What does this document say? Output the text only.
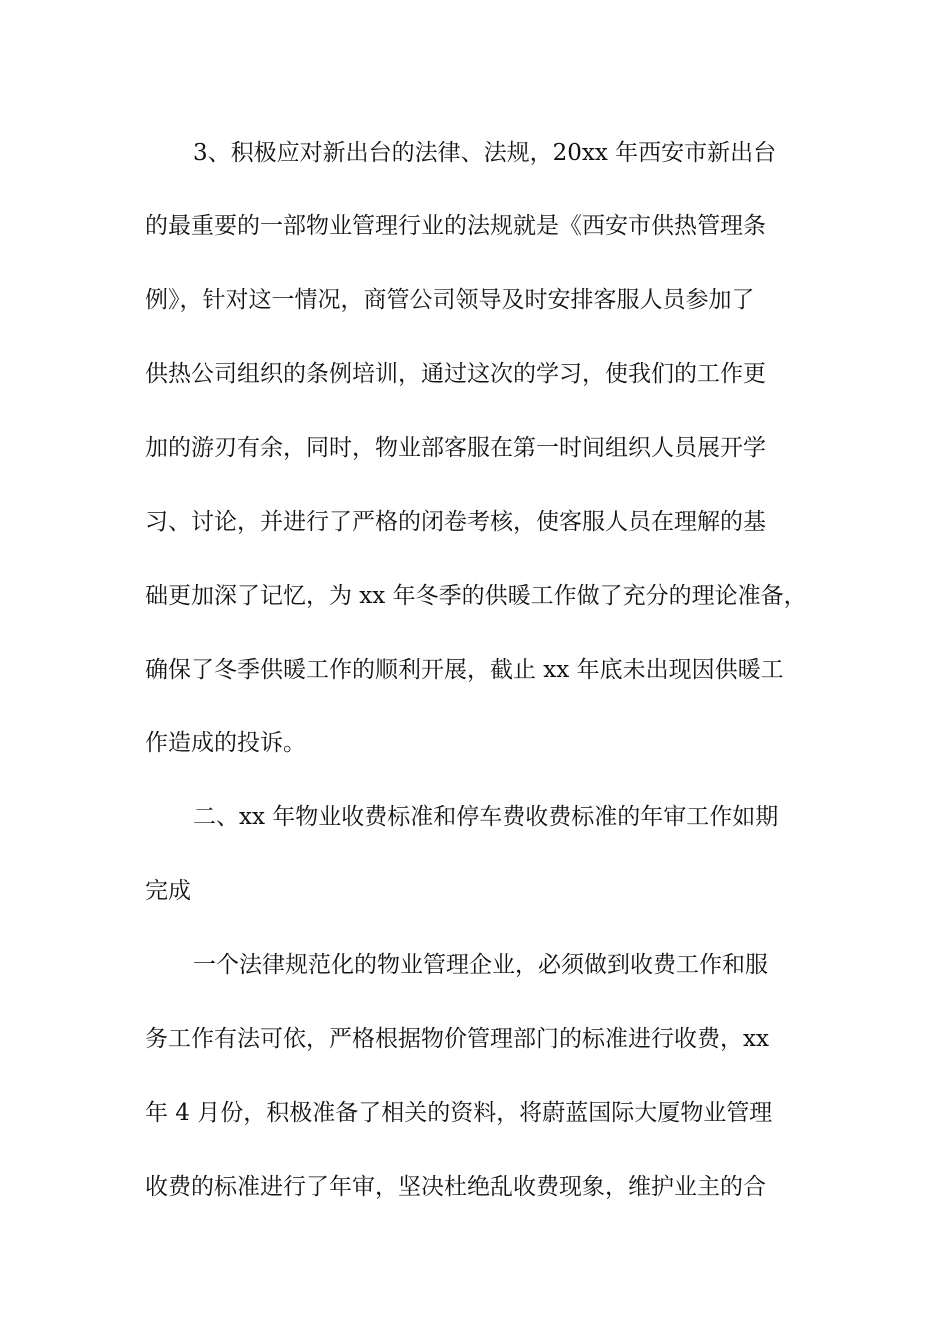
3、积极应对新出台的法律、法规，20xx 年西安市新出台
的最重要的一部物业管理行业的法规就是《西安市供热管理条
例》，针对这一情况，商管公司领导及时安排客服人员参加了
供热公司组织的条例培训，通过这次的学习，使我们的工作更
加的游刃有余，同时，物业部客服在第一时间组织人员展开学
习、讨论，并进行了严格的闭卷考核，使客服人员在理解的基
础更加深了记忆，为 xx 年冬季的供暖工作做了充分的理论准备，
确保了冬季供暖工作的顺利开展，截止 xx 年底未出现因供暖工
作造成的投诉。
二、xx 年物业收费标准和停车费收费标准的年审工作如期
完成
一个法律规范化的物业管理企业，必须做到收费工作和服
务工作有法可依，严格根据物价管理部门的标准进行收费，xx
年 4 月份，积极准备了相关的资料，将蔚蓝国际大厦物业管理
收费的标准进行了年审，坚决杜绝乱收费现象，维护业主的合
